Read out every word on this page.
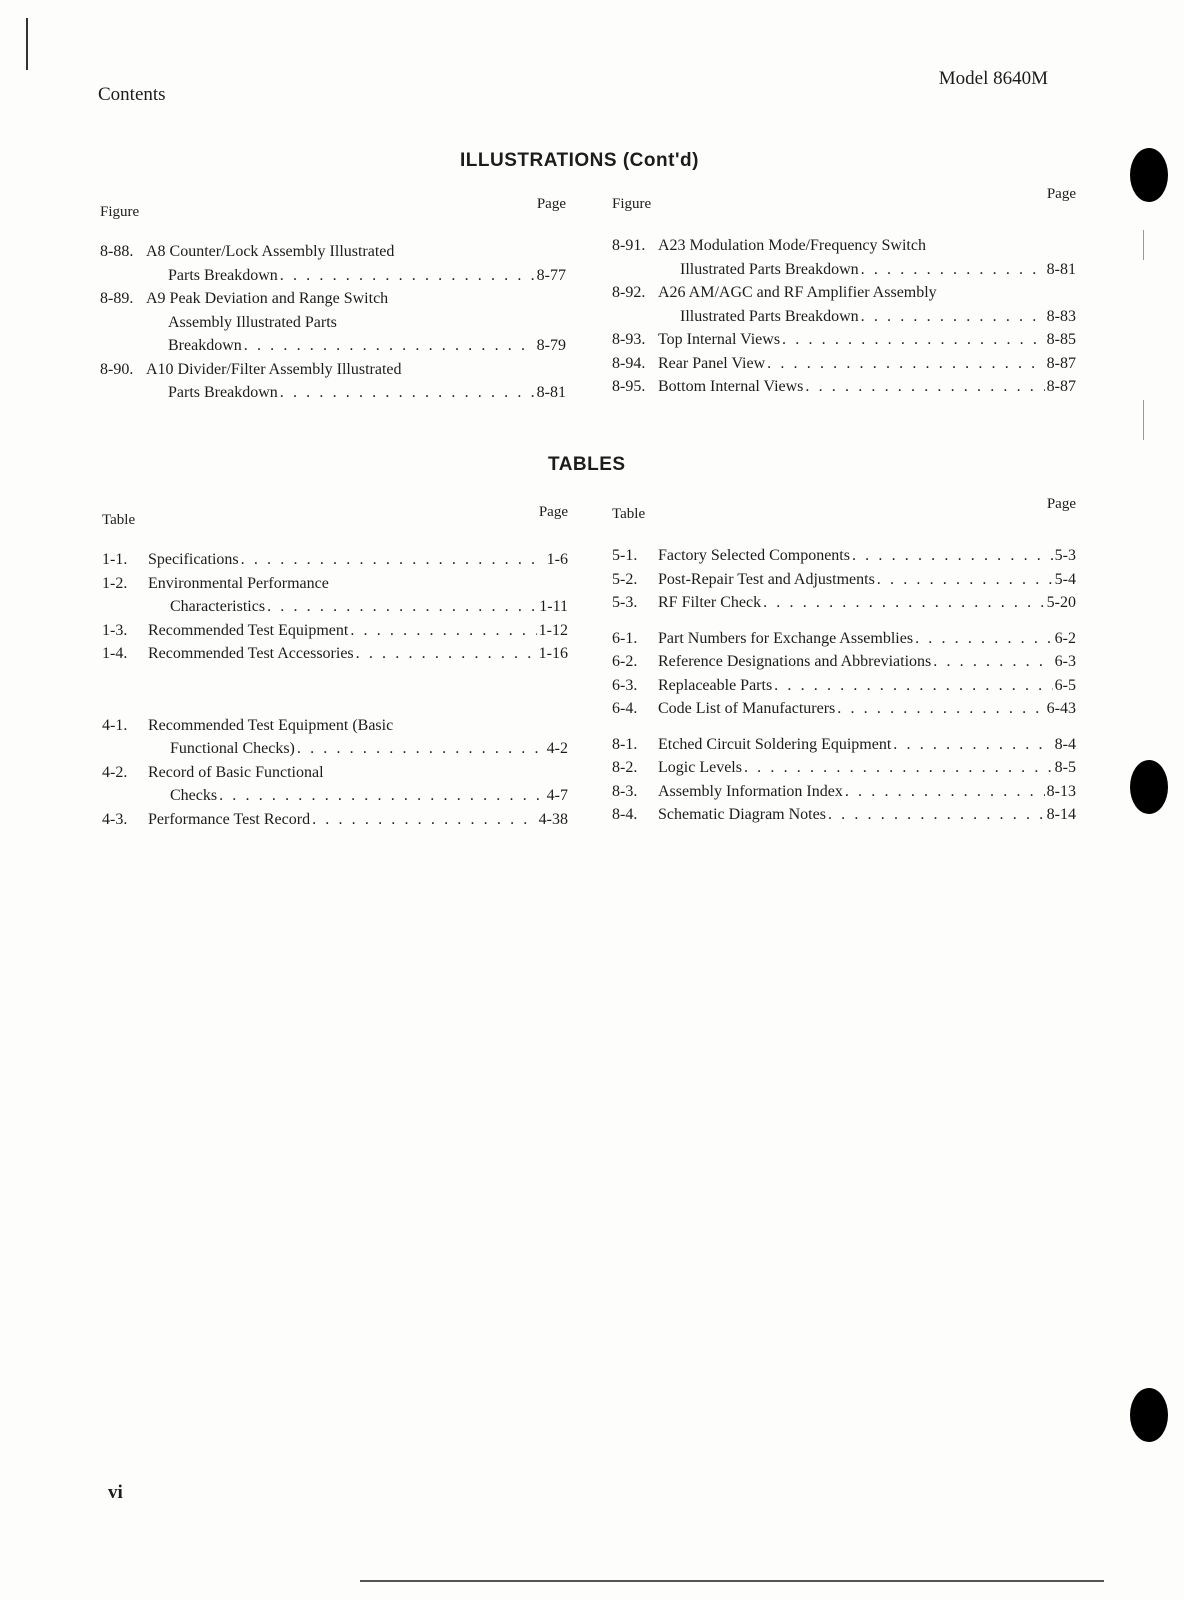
Contents
Model 8640M
ILLUSTRATIONS (Cont'd)
Figure	Page
8-88. A8 Counter/Lock Assembly Illustrated
Parts Breakdown . . .	8-77
8-89. A9 Peak Deviation and Range Switch
Assembly Illustrated Parts
Breakdown . . .	8-79
8-90. A10 Divider/Filter Assembly Illustrated
Parts Breakdown . . .	8-81
Figure
Page
8-91. A23 Modulation Mode/Frequency Switch
Illustrated Parts Breakdown . . .	8-81
8-92. A26 AM/AGC and RF Amplifier Assembly
Illustrated Parts Breakdown . . .	8-83
8-93. Top Internal Views . . .	8-85
8-94. Rear Panel View . . .	8-87
8-95. Bottom Internal Views . . .	8-87
TABLES
Table	Page
1-1.	Specifications . . .	1-6
1-2.	Environmental Performance
Characteristics . . .	1-11
1-3.	Recommended Test Equipment . . .	1-12
1-4.	Recommended Test Accessories . . .	1-16
4-1.	Recommended Test Equipment (Basic
Functional Checks) . . .	4-2
4-2.	Record of Basic Functional
Checks . . .	4-7
4-3.	Performance Test Record . . .	4-38
Table
Page
5-1.	Factory Selected Components . . .	5-3
5-2.	Post-Repair Test and Adjustments . . .	5-4
5-3.	RF Filter Check . . .	5-20
6-1.	Part Numbers for Exchange Assemblies . . .	6-2
6-2.	Reference Designations and Abbreviations . . .	6-3
6-3.	Replaceable Parts . . .	6-5
6-4.	Code List of Manufacturers . . .	6-43
8-1.	Etched Circuit Soldering Equipment . . .	8-4
8-2.	Logic Levels . . .	8-5
8-3.	Assembly Information Index . . .	8-13
8-4.	Schematic Diagram Notes . . .	8-14
vi
